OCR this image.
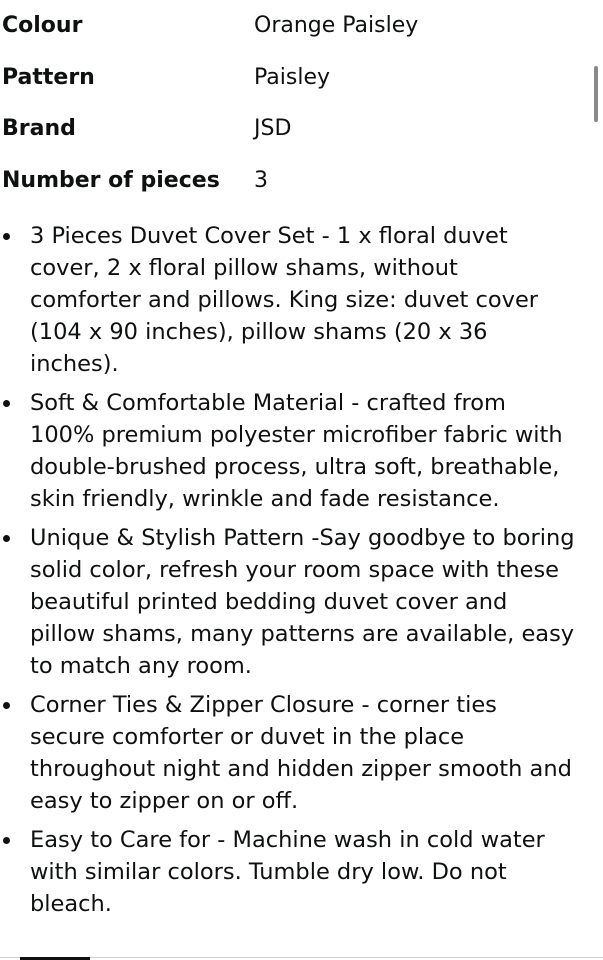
Colour	Orange Paisley
Pattern	Paisley
Brand	JSD
Number of pieces	3
3 Pieces Duvet Cover Set - 1 x floral duvet cover, 2 x floral pillow shams, without comforter and pillows. King size: duvet cover (104 x 90 inches), pillow shams (20 x 36 inches).
Soft & Comfortable Material - crafted from 100% premium polyester microfiber fabric with double-brushed process, ultra soft, breathable, skin friendly, wrinkle and fade resistance.
Unique & Stylish Pattern -Say goodbye to boring solid color, refresh your room space with these beautiful printed bedding duvet cover and pillow shams, many patterns are available, easy to match any room.
Corner Ties & Zipper Closure - corner ties secure comforter or duvet in the place throughout night and hidden zipper smooth and easy to zipper on or off.
Easy to Care for - Machine wash in cold water with similar colors. Tumble dry low. Do not bleach.
